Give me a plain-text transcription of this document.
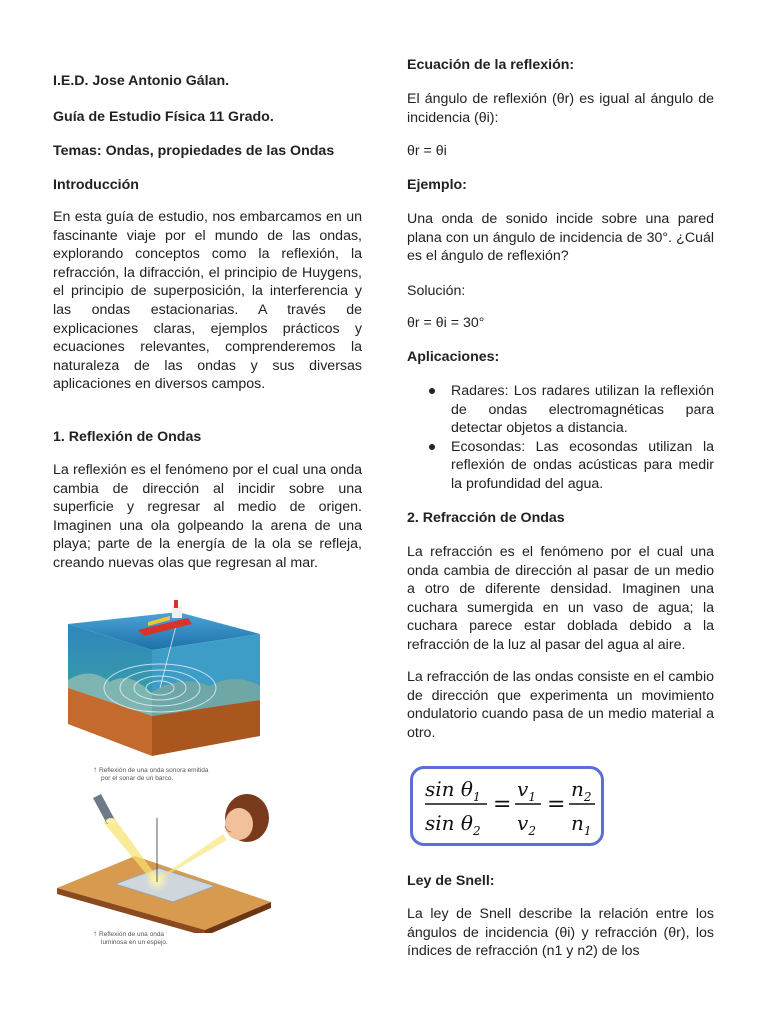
I.E.D. Jose Antonio Gálan.

Guía de Estudio Física 11 Grado.

Temas: Ondas, propiedades de las Ondas

Introducción

En esta guía de estudio, nos embarcamos en un fascinante viaje por el mundo de las ondas, explorando conceptos como la reflexión, la refracción, la difracción, el principio de Huygens, el principio de superposición, la interferencia y las ondas estacionarias. A través de explicaciones claras, ejemplos prácticos y ecuaciones relevantes, comprenderemos la naturaleza de las ondas y sus diversas aplicaciones en diversos campos.

1. Reflexión de Ondas

La reflexión es el fenómeno por el cual una onda cambia de dirección al incidir sobre una superficie y regresar al medio de origen. Imaginen una ola golpeando la arena de una playa; parte de la energía de la ola se refleja, creando nuevas olas que regresan al mar.

↑ Reflexión de una onda sonora emitida
por el sonar de un barco.
↑ Reflexión de una onda
luminosa en un espejo.

Ecuación de la reflexión:

El ángulo de reflexión (θr) es igual al ángulo de incidencia (θi):

θr = θi

Ejemplo:

Una onda de sonido incide sobre una pared plana con un ángulo de incidencia de 30°. ¿Cuál es el ángulo de reflexión?

Solución:

θr = θi = 30°

Aplicaciones:

Radares: Los radares utilizan la reflexión de ondas electromagnéticas para detectar objetos a distancia.
Ecosondas: Las ecosondas utilizan la reflexión de ondas acústicas para medir la profundidad del agua.

2. Refracción de Ondas

La refracción es el fenómeno por el cual una onda cambia de dirección al pasar de un medio a otro de diferente densidad. Imaginen una cuchara sumergida en un vaso de agua; la cuchara parece estar doblada debido a la refracción de la luz al pasar del agua al aire.

La refracción de las ondas consiste en el cambio de dirección que experimenta un movimiento ondulatorio cuando pasa de un medio material a otro.

Ley de Snell:

La ley de Snell describe la relación entre los ángulos de incidencia (θi) y refracción (θr), los índices de refracción (n1 y n2) de los

$\sin \theta_1$
$\sin \theta_2$
=
$v_1$
$v_2$
=
$n_2$
$n_1$
